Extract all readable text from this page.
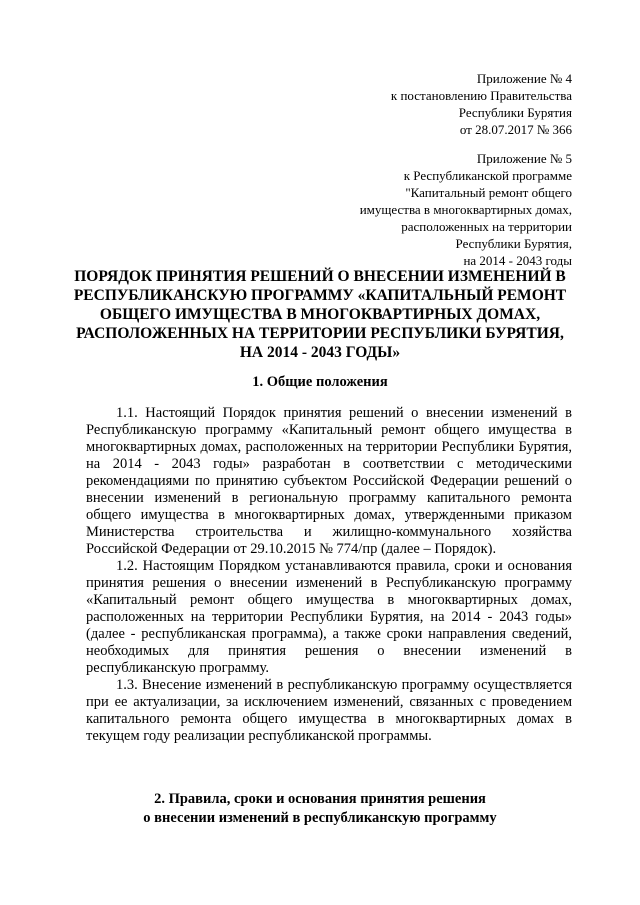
Приложение № 4
к постановлению Правительства
Республики Бурятия
от 28.07.2017 № 366
Приложение № 5
к Республиканской программе
"Капитальный ремонт общего
имущества в многоквартирных домах,
расположенных на территории
Республики Бурятия,
на 2014 - 2043 годы
ПОРЯДОК ПРИНЯТИЯ РЕШЕНИЙ О ВНЕСЕНИИ ИЗМЕНЕНИЙ В
РЕСПУБЛИКАНСКУЮ ПРОГРАММУ «КАПИТАЛЬНЫЙ РЕМОНТ
ОБЩЕГО ИМУЩЕСТВА В МНОГОКВАРТИРНЫХ ДОМАХ,
РАСПОЛОЖЕННЫХ НА ТЕРРИТОРИИ РЕСПУБЛИКИ БУРЯТИЯ,
НА 2014 - 2043 ГОДЫ»
1. Общие положения

1.1. Настоящий Порядок принятия решений о внесении изменений в Республиканскую программу «Капитальный ремонт общего имущества в многоквартирных домах, расположенных на территории Республики Бурятия, на 2014 - 2043 годы» разработан в соответствии с методическими рекомендациями по принятию субъектом Российской Федерации решений о внесении изменений в региональную программу капитального ремонта общего имущества в многоквартирных домах, утвержденными приказом Министерства строительства и жилищно-коммунального хозяйства Российской Федерации от 29.10.2015 № 774/пр (далее – Порядок).

1.2. Настоящим Порядком устанавливаются правила, сроки и основания принятия решения о внесении изменений в Республиканскую программу «Капитальный ремонт общего имущества в многоквартирных домах, расположенных на территории Республики Бурятия, на 2014 - 2043 годы» (далее - республиканская программа), а также сроки направления сведений, необходимых для принятия решения о внесении изменений в республиканскую программу.

1.3. Внесение изменений в республиканскую программу осуществляется при ее актуализации, за исключением изменений, связанных с проведением капитального ремонта общего имущества в многоквартирных домах в текущем году реализации республиканской программы.

2. Правила, сроки и основания принятия решения
о внесении изменений в республиканскую программу
